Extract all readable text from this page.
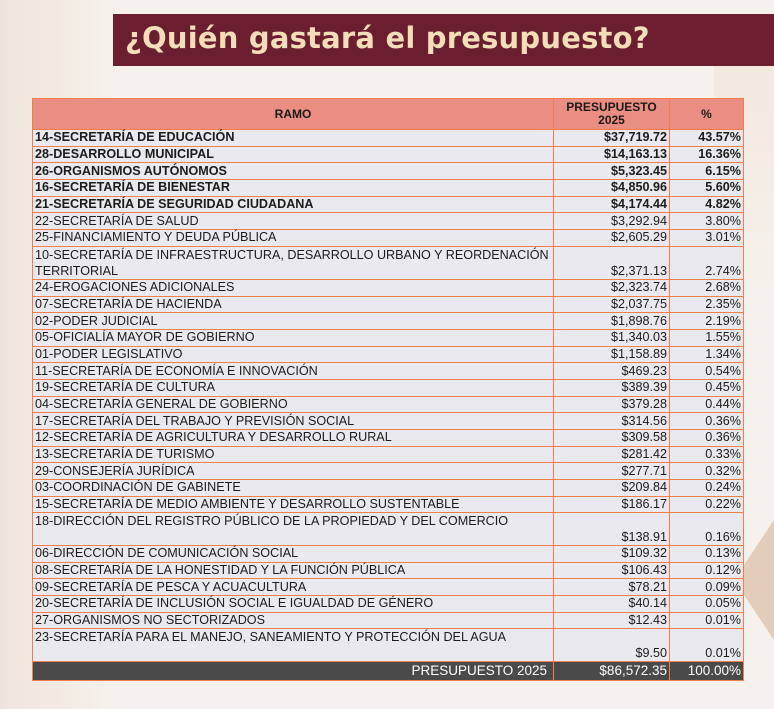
¿Quién gastará el presupuesto?
RAMO	PRESUPUESTO 2025	%
14-SECRETARÍA DE EDUCACIÓN	$37,719.72	43.57%
28-DESARROLLO MUNICIPAL	$14,163.13	16.36%
26-ORGANISMOS AUTÓNOMOS	$5,323.45	6.15%
16-SECRETARÍA DE BIENESTAR	$4,850.96	5.60%
21-SECRETARÍA DE SEGURIDAD CIUDADANA	$4,174.44	4.82%
22-SECRETARÍA DE SALUD	$3,292.94	3.80%
25-FINANCIAMIENTO Y DEUDA PÚBLICA	$2,605.29	3.01%
10-SECRETARÍA DE INFRAESTRUCTURA, DESARROLLO URBANO Y REORDENACIÓN TERRITORIAL	$2,371.13	2.74%
24-EROGACIONES ADICIONALES	$2,323.74	2.68%
07-SECRETARÍA DE HACIENDA	$2,037.75	2.35%
02-PODER JUDICIAL	$1,898.76	2.19%
05-OFICIALÍA MAYOR DE GOBIERNO	$1,340.03	1.55%
01-PODER LEGISLATIVO	$1,158.89	1.34%
11-SECRETARÍA DE ECONOMÍA E INNOVACIÓN	$469.23	0.54%
19-SECRETARÍA DE CULTURA	$389.39	0.45%
04-SECRETARÍA GENERAL DE GOBIERNO	$379.28	0.44%
17-SECRETARÍA DEL TRABAJO Y PREVISIÓN SOCIAL	$314.56	0.36%
12-SECRETARÍA DE AGRICULTURA Y DESARROLLO RURAL	$309.58	0.36%
13-SECRETARÍA DE TURISMO	$281.42	0.33%
29-CONSEJERÍA JURÍDICA	$277.71	0.32%
03-COORDINACIÓN DE GABINETE	$209.84	0.24%
15-SECRETARÍA DE MEDIO AMBIENTE Y DESARROLLO SUSTENTABLE	$186.17	0.22%
18-DIRECCIÓN DEL REGISTRO PÚBLICO DE LA PROPIEDAD Y DEL COMERCIO	$138.91	0.16%
06-DIRECCIÓN DE COMUNICACIÓN SOCIAL	$109.32	0.13%
08-SECRETARÍA DE LA HONESTIDAD Y LA FUNCIÓN PÚBLICA	$106.43	0.12%
09-SECRETARÍA DE PESCA Y ACUACULTURA	$78.21	0.09%
20-SECRETARÍA DE INCLUSIÓN SOCIAL E IGUALDAD DE GÉNERO	$40.14	0.05%
27-ORGANISMOS NO SECTORIZADOS	$12.43	0.01%
23-SECRETARÍA PARA EL MANEJO, SANEAMIENTO Y PROTECCIÓN DEL AGUA	$9.50	0.01%
PRESUPUESTO 2025	$86,572.35	100.00%
